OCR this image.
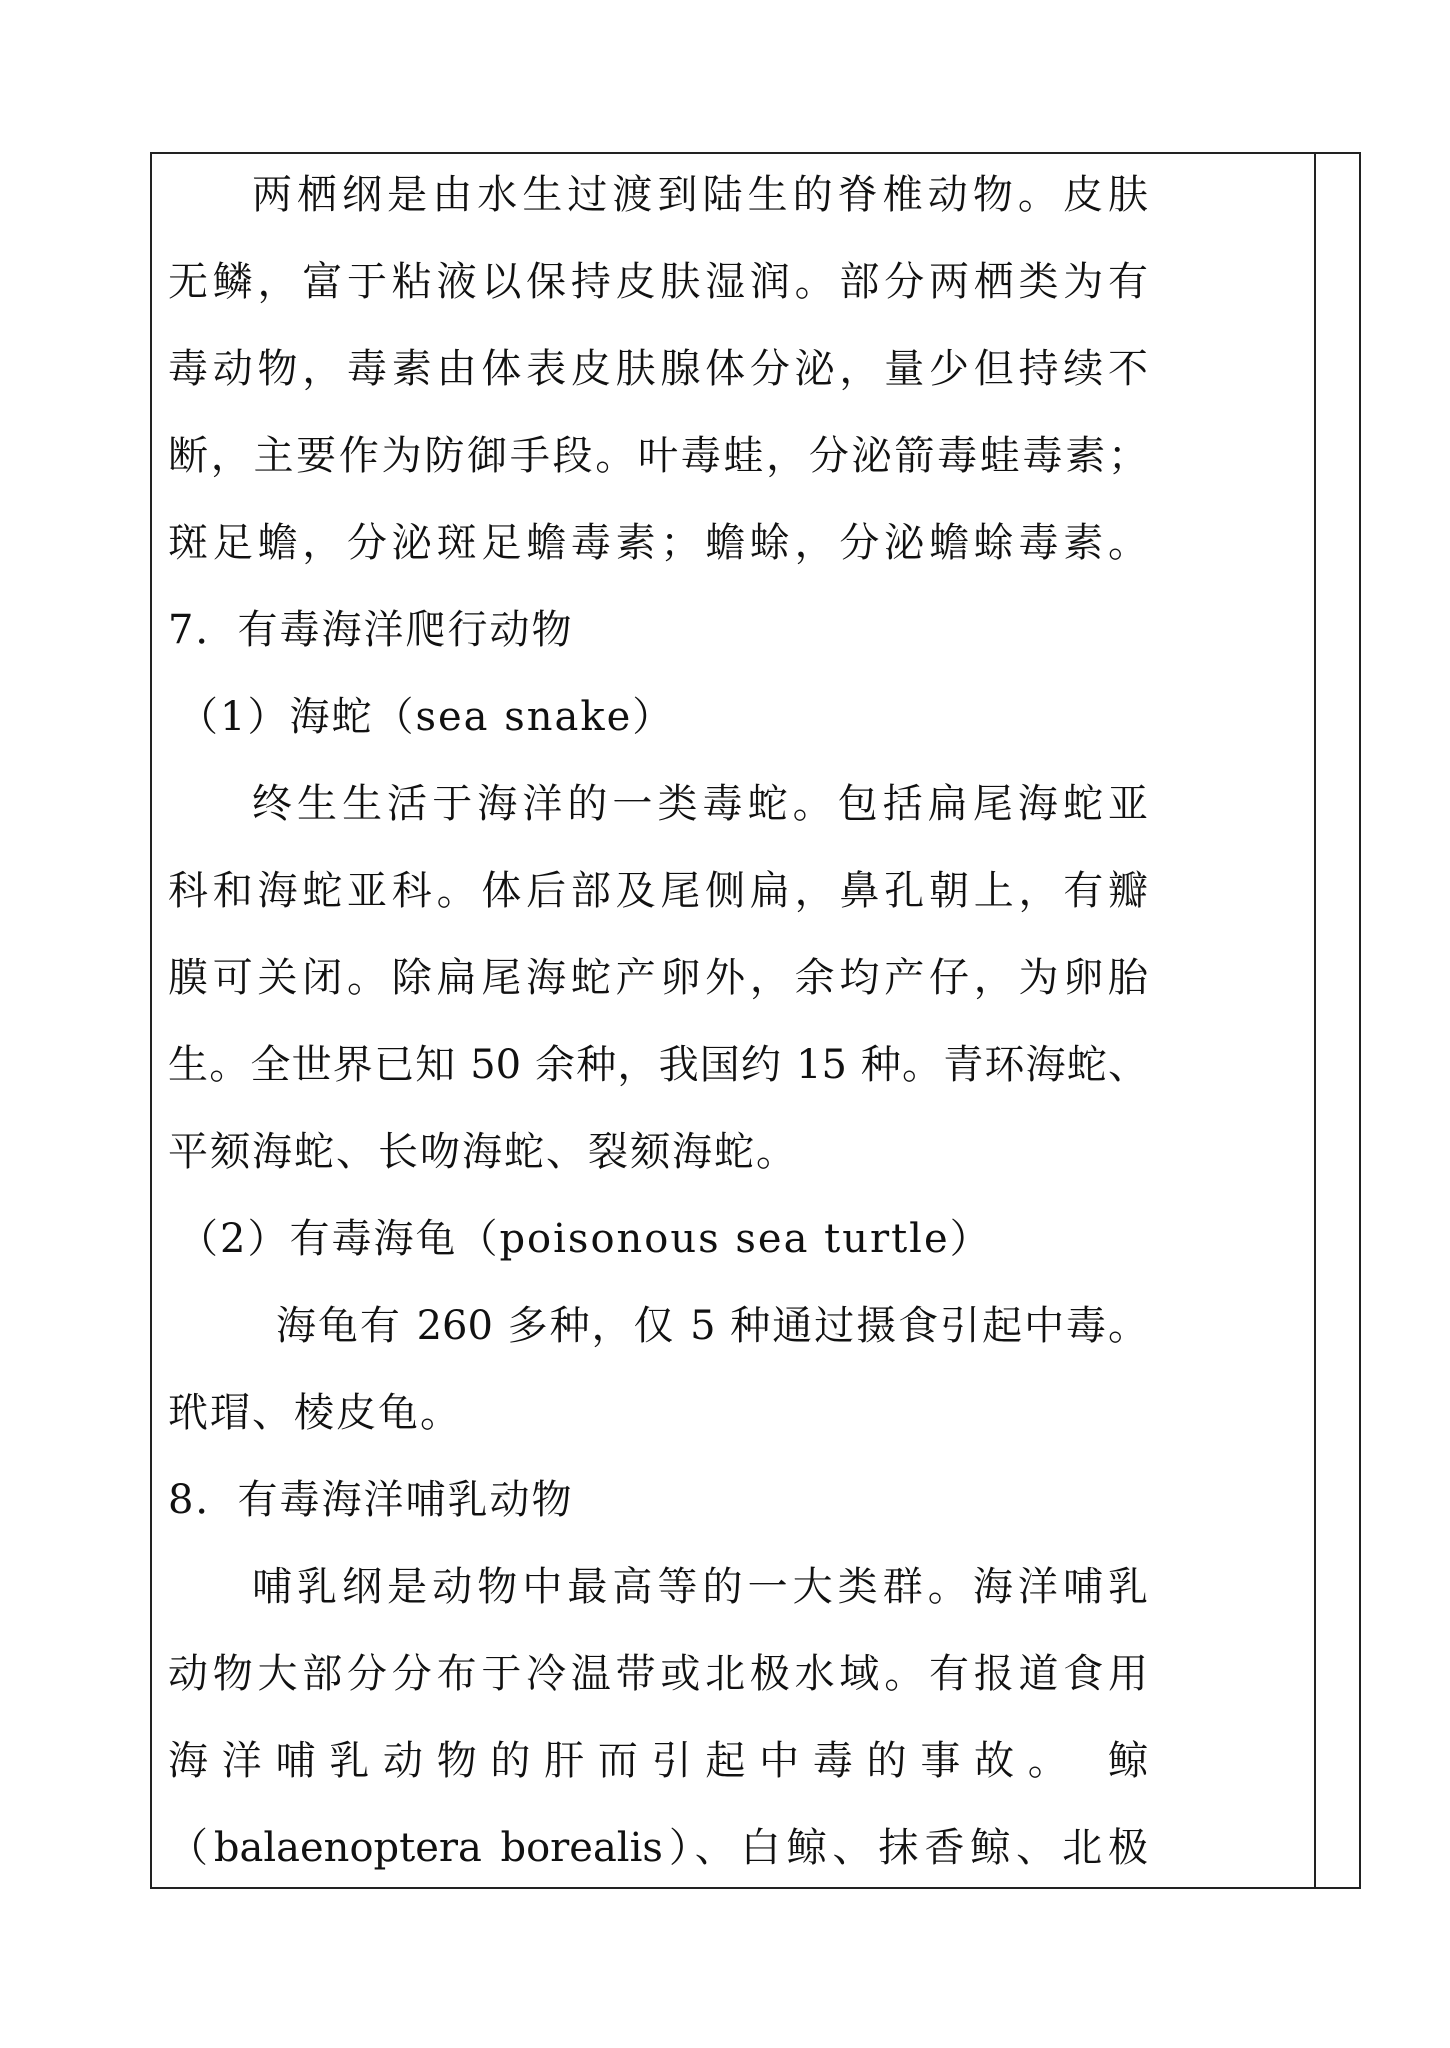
两栖纲是由水生过渡到陆生的脊椎动物。皮肤
无鳞，富于粘液以保持皮肤湿润。部分两栖类为有
毒动物，毒素由体表皮肤腺体分泌，量少但持续不
断，主要作为防御手段。叶毒蛙，分泌箭毒蛙毒素；
斑足蟾，分泌斑足蟾毒素；蟾蜍，分泌蟾蜍毒素。
7．有毒海洋爬行动物
（1）海蛇（sea snake）
终生生活于海洋的一类毒蛇。包括扁尾海蛇亚
科和海蛇亚科。体后部及尾侧扁，鼻孔朝上，有瓣
膜可关闭。除扁尾海蛇产卵外，余均产仔，为卵胎
生。全世界已知 50 余种，我国约 15 种。青环海蛇、
平颏海蛇、长吻海蛇、裂颏海蛇。
（2）有毒海龟（poisonous sea turtle）
海龟有 260 多种，仅 5 种通过摄食引起中毒。
玳瑁、棱皮龟。
8．有毒海洋哺乳动物
哺乳纲是动物中最高等的一大类群。海洋哺乳
动物大部分分布于冷温带或北极水域。有报道食用
海洋哺乳动物的肝而引起中毒的事故。 鲸
（balaenoptera borealis）、白鲸、抹香鲸、北极
